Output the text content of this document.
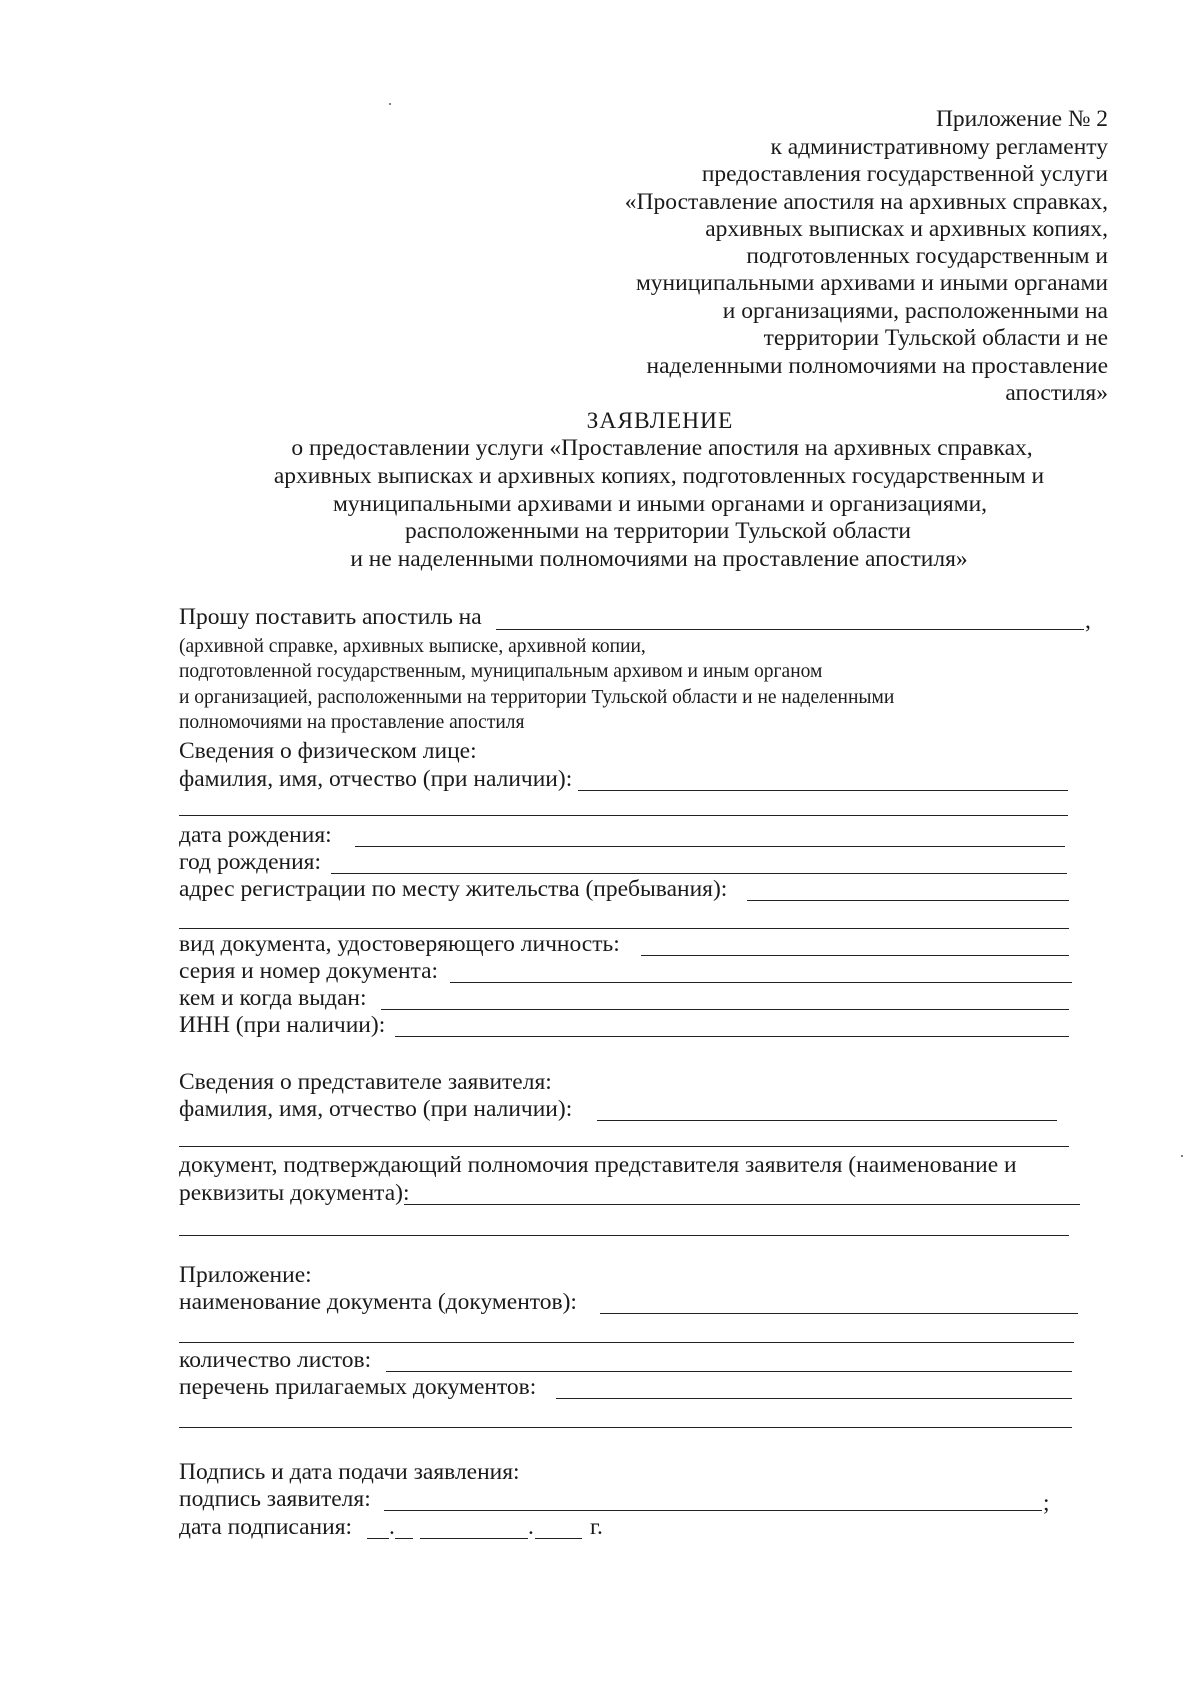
Приложение № 2
к административному регламенту
предоставления государственной услуги
«Проставление апостиля на архивных справках,
архивных выписках и архивных копиях,
подготовленных государственным и
муниципальными архивами и иными органами
и организациями, расположенными на
территории Тульской области и не
наделенными полномочиями на проставление
апостиля»
ЗАЯВЛЕНИЕ
о предоставлении услуги «Проставление апостиля на архивных справках,
архивных выписках и архивных копиях, подготовленных государственным и
муниципальными архивами и иными органами и организациями,
расположенными на территории Тульской области
и не наделенными полномочиями на проставление апостиля»
Прошу поставить апостиль на	,
(архивной справке, архивных выписке, архивной копии,
подготовленной государственным, муниципальным архивом и иным органом
и организацией, расположенными на территории Тульской области и не наделенными
полномочиями на проставление апостиля
Сведения о физическом лице:
фамилия, имя, отчество (при наличии):
дата рождения:
год рождения:
адрес регистрации по месту жительства (пребывания):
вид документа, удостоверяющего личность:
серия и номер документа:
кем и когда выдан:
ИНН (при наличии):
Сведения о представителе заявителя:
фамилия, имя, отчество (при наличии):
документ, подтверждающий полномочия представителя заявителя (наименование и
реквизиты документа):
Приложение:
наименование документа (документов):
количество листов:
перечень прилагаемых документов:
Подпись и дата подачи заявления:
подпись заявителя:	;
дата подписания: .	. г.
